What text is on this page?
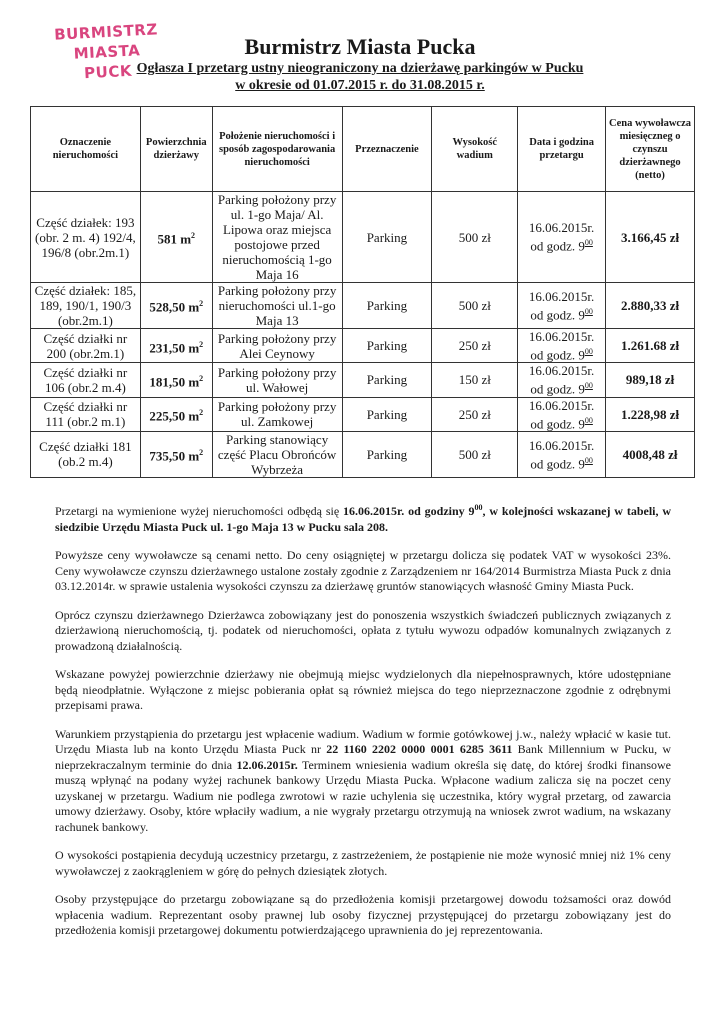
BURMISTRZ MIASTA
PUCK

Burmistrz Miasta Pucka

Ogłasza I przetarg ustny nieograniczony na dzierżawę parkingów w Pucku

w okresie od 01.07.2015 r. do 31.08.2015 r.

Oznaczenie nieruchomości	Powierzchnia dzierżawy	Położenie nieruchomości i sposób zagospodarowania nieruchomości	Przeznaczenie	Wysokość wadium	Data i godzina przetargu	Cena wywoławcza miesięczneg o czynszu dzierżawnego (netto)
Część działek: 193 (obr. 2 m. 4) 192/4, 196/8 (obr.2m.1)	581 $m^2$	Parking położony przy ul. 1-go Maja/ Al. Lipowa oraz miejsca postojowe przed nieruchomością 1-go Maja 16	Parking	500 zł	16.06.2015r.
od godz. $9^{00}$	3.166,45 zł
Część działek: 185, 189, 190/1, 190/3 (obr.2m.1)	528,50 $m^2$	Parking położony przy nieruchomości ul.1-go Maja 13	Parking	500 zł	16.06.2015r.
od godz. $9^{00}$	2.880,33 zł
Część działki nr 200 (obr.2m.1)	231,50 $m^2$	Parking położony przy Alei Ceynowy	Parking	250 zł	16.06.2015r.
od godz. $9^{00}$	1.261.68 zł
Część działki nr 106 (obr.2 m.4)	181,50 $m^2$	Parking położony przy ul. Wałowej	Parking	150 zł	16.06.2015r.
od godz. $9^{00}$	989,18 zł
Część działki nr 111 (obr.2 m.1)	225,50 $m^2$	Parking położony przy ul. Zamkowej	Parking	250 zł	16.06.2015r.
od godz. $9^{00}$	1.228,98 zł
Część działki 181 (ob.2 m.4)	735,50 $m^2$	Parking stanowiący część Placu Obrońców Wybrzeża	Parking	500 zł	16.06.2015r.
od godz. $9^{00}$	4008,48 zł

Przetargi na wymienione wyżej nieruchomości odbędą się 16.06.2015r. od godziny $9^{00}$, w kolejności wskazanej w tabeli, w siedzibie Urzędu Miasta Puck ul. 1-go Maja 13 w Pucku sala 208.

Powyższe ceny wywoławcze są cenami netto. Do ceny osiągniętej w przetargu dolicza się podatek VAT w wysokości 23%. Ceny wywoławcze czynszu dzierżawnego ustalone zostały zgodnie z Zarządzeniem nr 164/2014 Burmistrza Miasta Puck z dnia 03.12.2014r. w sprawie ustalenia wysokości czynszu za dzierżawę gruntów stanowiących własność Gminy Miasta Puck.

Oprócz czynszu dzierżawnego Dzierżawca zobowiązany jest do ponoszenia wszystkich świadczeń publicznych związanych z dzierżawioną nieruchomością, tj. podatek od nieruchomości, opłata z tytułu wywozu odpadów komunalnych związanych z prowadzoną działalnością.

Wskazane powyżej powierzchnie dzierżawy nie obejmują miejsc wydzielonych dla niepełnosprawnych, które udostępniane będą nieodpłatnie. Wyłączone z miejsc pobierania opłat są również miejsca do tego nieprzeznaczone zgodnie z odrębnymi przepisami prawa.

Warunkiem przystąpienia do przetargu jest wpłacenie wadium. Wadium w formie gotówkowej j.w., należy wpłacić w kasie tut. Urzędu Miasta lub na konto Urzędu Miasta Puck nr 22 1160 2202 0000 0001 6285 3611 Bank Millennium w Pucku, w nieprzekraczalnym terminie do dnia 12.06.2015r. Terminem wniesienia wadium określa się datę, do której środki finansowe muszą wpłynąć na podany wyżej rachunek bankowy Urzędu Miasta Pucka. Wpłacone wadium zalicza się na poczet ceny uzyskanej w przetargu. Wadium nie podlega zwrotowi w razie uchylenia się uczestnika, który wygrał przetarg, od zawarcia umowy dzierżawy. Osoby, które wpłaciły wadium, a nie wygrały przetargu otrzymują na wniosek zwrot wadium, na wskazany rachunek bankowy.

O wysokości postąpienia decydują uczestnicy przetargu, z zastrzeżeniem, że postąpienie nie może wynosić mniej niż 1% ceny wywoławczej z zaokrągleniem w górę do pełnych dziesiątek złotych.

Osoby przystępujące do przetargu zobowiązane są do przedłożenia komisji przetargowej dowodu tożsamości oraz dowód wpłacenia wadium. Reprezentant osoby prawnej lub osoby fizycznej przystępującej do przetargu zobowiązany jest do przedłożenia komisji przetargowej dokumentu potwierdzającego uprawnienia do jej reprezentowania.
